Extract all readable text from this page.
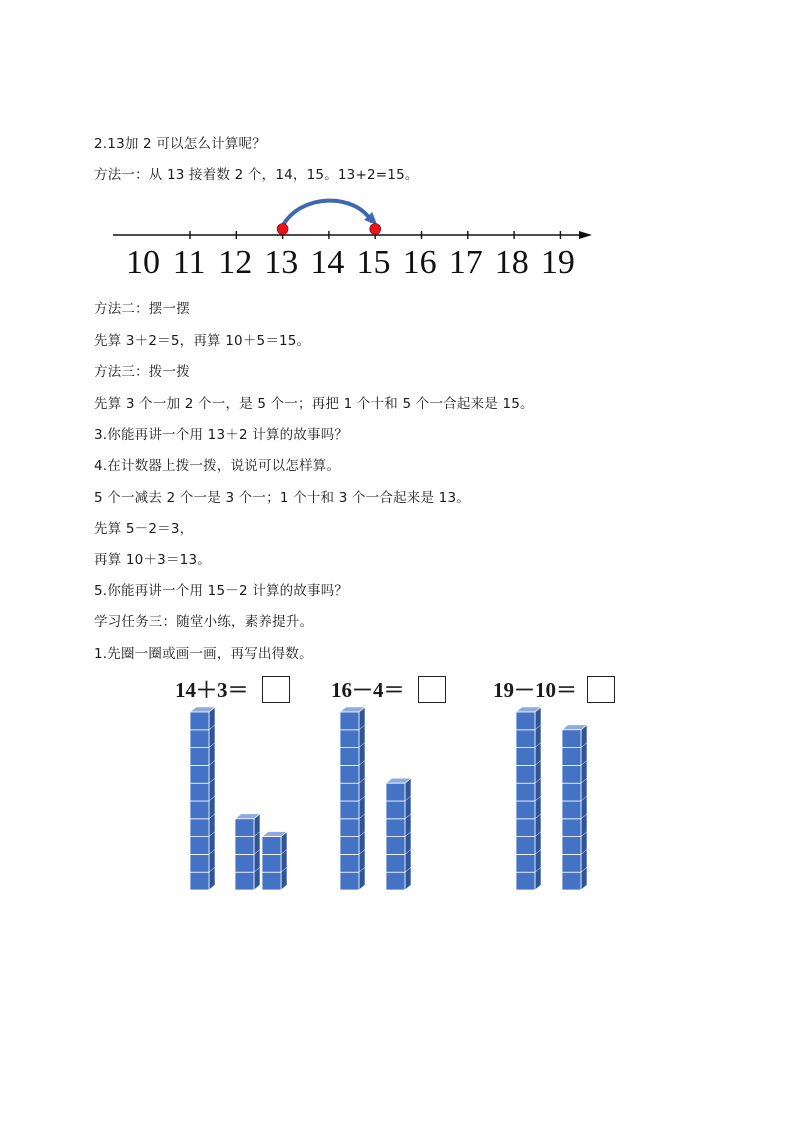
2.13加 2 可以怎么计算呢？
方法一：从 13 接着数 2 个，14，15。13+2=15。
10 11 12 13 14 15 16 17 18 19
方法二：摆一摆
先算 3＋2＝5，再算 10＋5＝15。
方法三：拨一拨
先算 3 个一加 2 个一，是 5 个一；再把 1 个十和 5 个一合起来是 15。
3.你能再讲一个用 13＋2 计算的故事吗？
4.在计数器上拨一拨，说说可以怎样算。
5 个一减去 2 个一是 3 个一；1 个十和 3 个一合起来是 13。
先算 5－2＝3，
再算 10＋3＝13。
5.你能再讲一个用 15－2 计算的故事吗？
学习任务三：随堂小练，素养提升。
1.先圈一圈或画一画，再写出得数。
14＋3＝	16－4＝	19－10＝
